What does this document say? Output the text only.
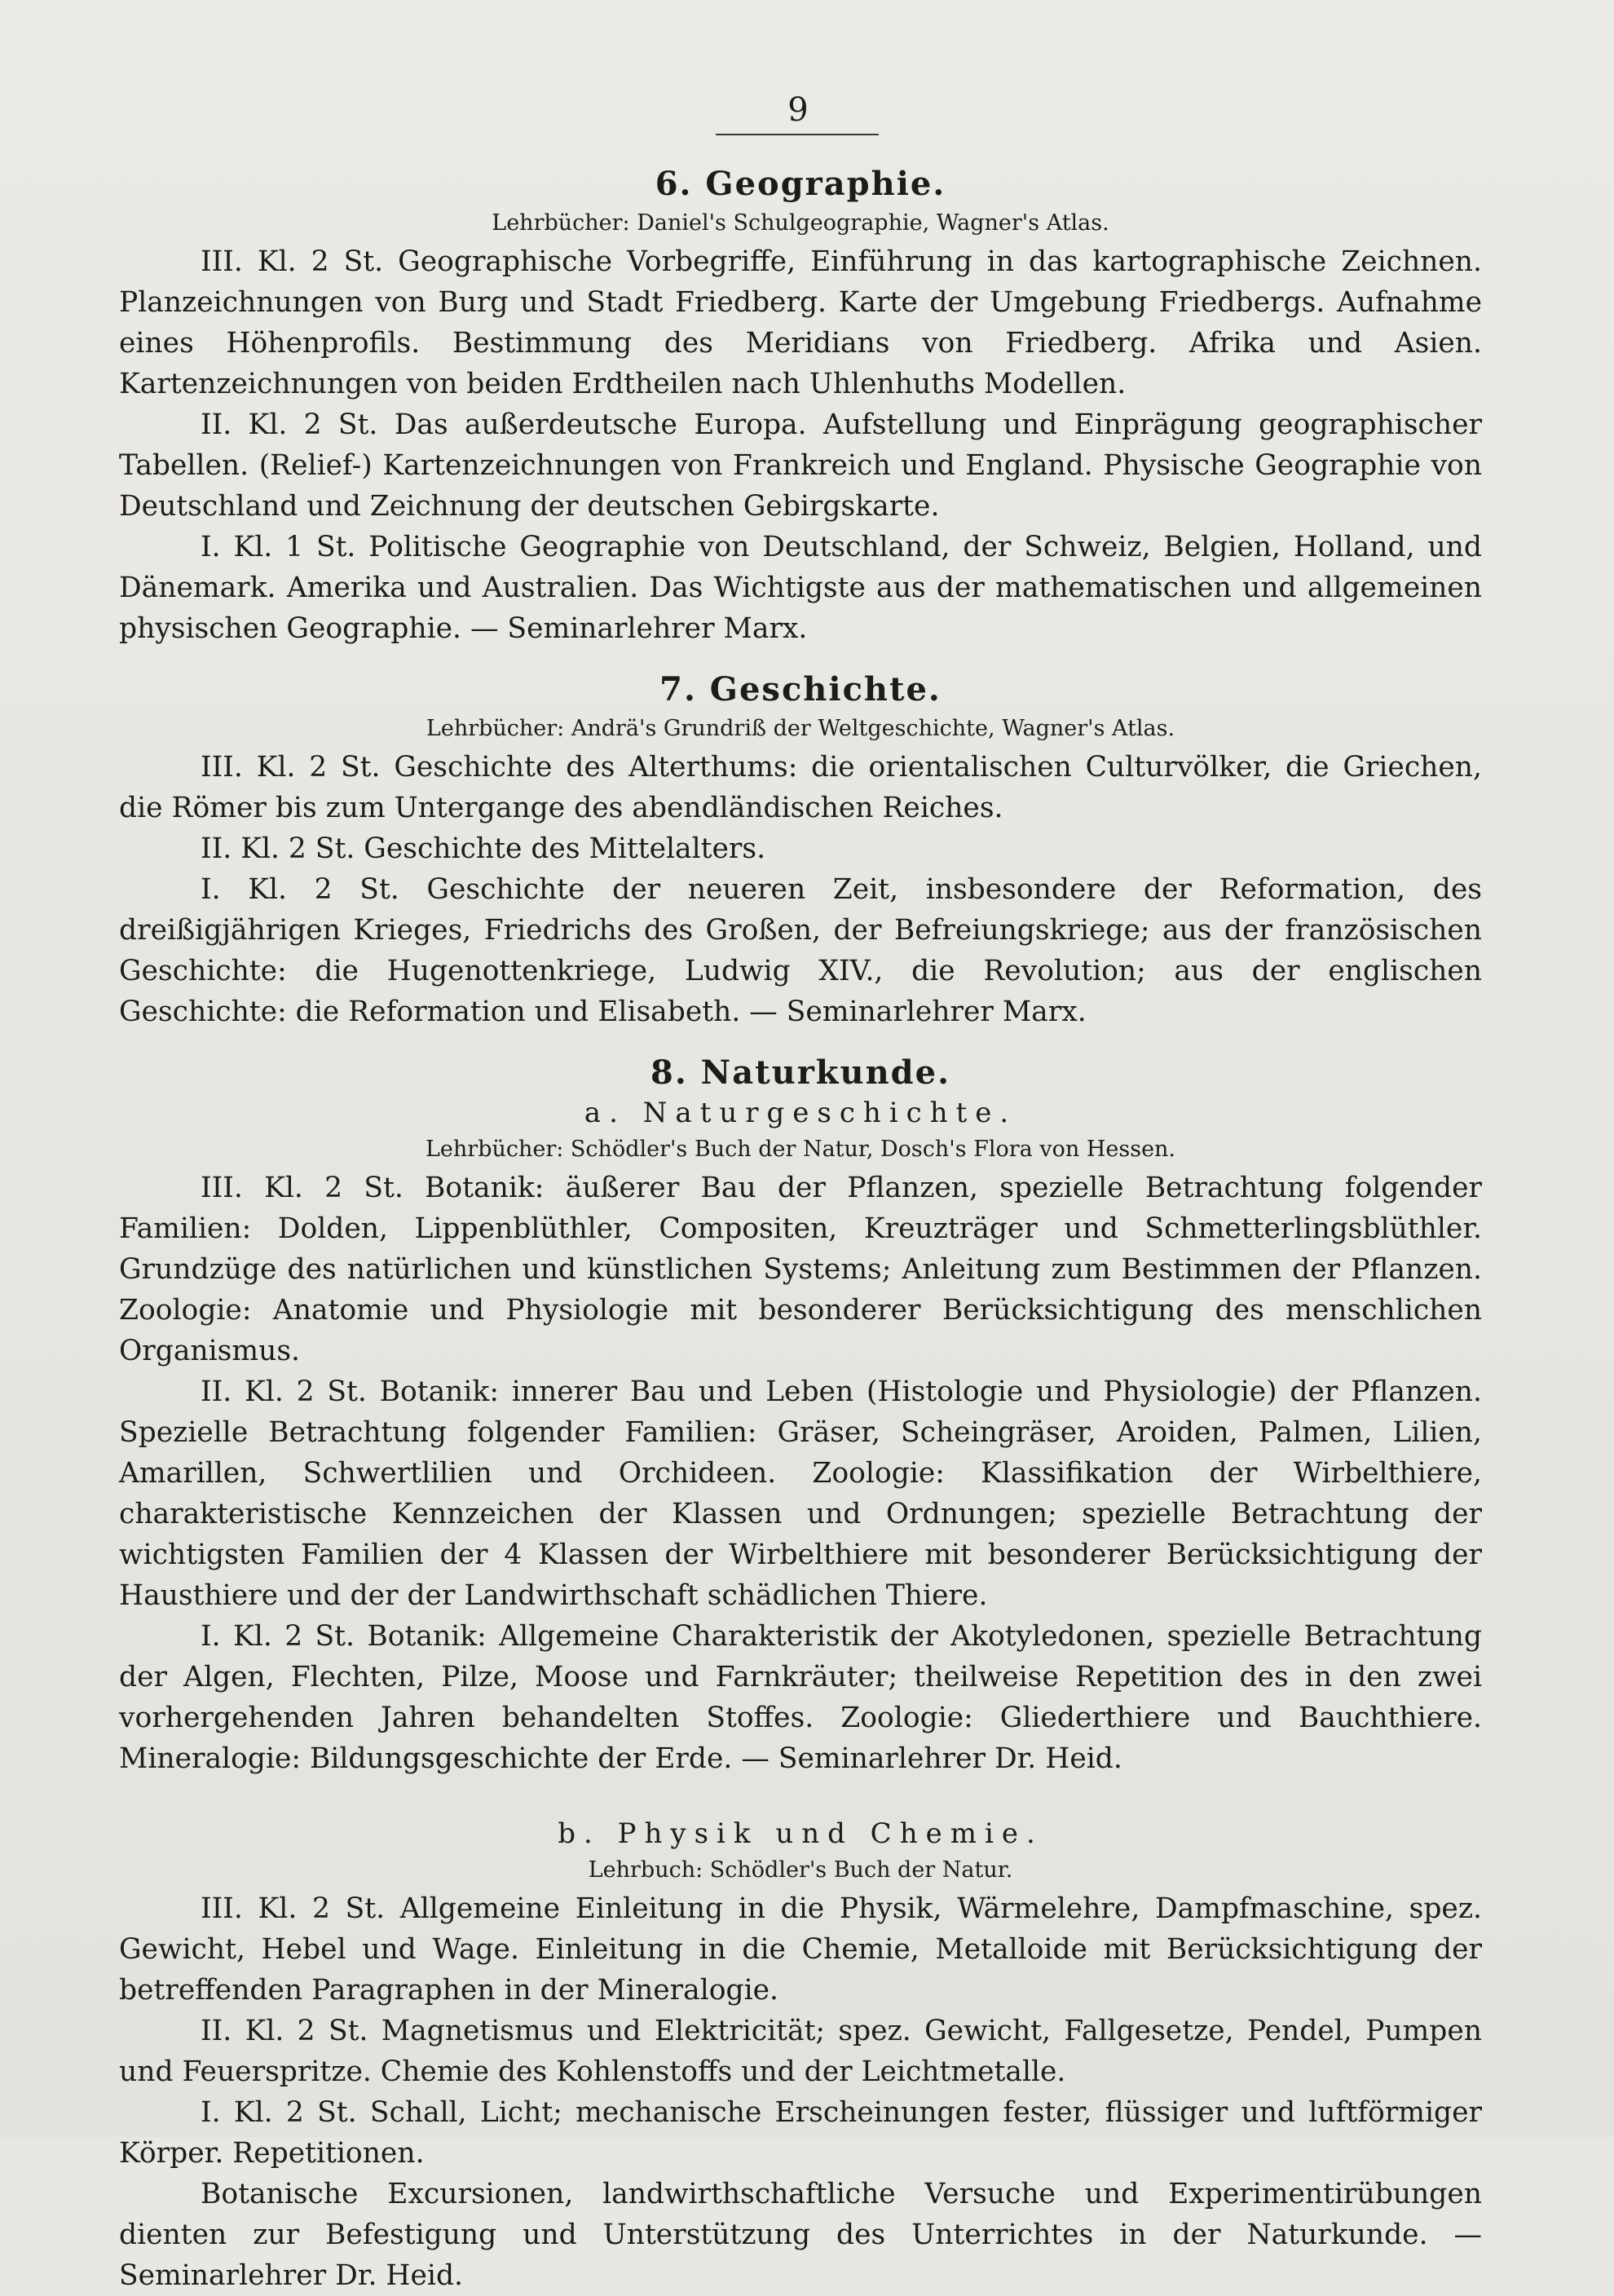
9
6. Geographie.
Lehrbücher: Daniel's Schulgeographie, Wagner's Atlas.

III. Kl. 2 St. Geographische Vorbegriffe, Einführung in das kartographische Zeichnen. Planzeichnungen von Burg und Stadt Friedberg. Karte der Umgebung Friedbergs. Aufnahme eines Höhenprofils. Bestimmung des Meridians von Friedberg. Afrika und Asien. Kartenzeichnungen von beiden Erdtheilen nach Uhlenhuths Modellen.

II. Kl. 2 St. Das außerdeutsche Europa. Aufstellung und Einprägung geographischer Tabellen. (Relief-) Kartenzeichnungen von Frankreich und England. Physische Geographie von Deutschland und Zeichnung der deutschen Gebirgskarte.

I. Kl. 1 St. Politische Geographie von Deutschland, der Schweiz, Belgien, Holland, und Dänemark. Amerika und Australien. Das Wichtigste aus der mathematischen und allgemeinen physischen Geographie. — Seminarlehrer Marx.

7. Geschichte.
Lehrbücher: Andrä's Grundriß der Weltgeschichte, Wagner's Atlas.

III. Kl. 2 St. Geschichte des Alterthums: die orientalischen Culturvölker, die Griechen, die Römer bis zum Untergange des abendländischen Reiches.

II. Kl. 2 St. Geschichte des Mittelalters.

I. Kl. 2 St. Geschichte der neueren Zeit, insbesondere der Reformation, des dreißigjährigen Krieges, Friedrichs des Großen, der Befreiungskriege; aus der französischen Geschichte: die Hugenottenkriege, Ludwig XIV., die Revolution; aus der englischen Geschichte: die Reformation und Elisabeth. — Seminarlehrer Marx.

8. Naturkunde.
a. Naturgeschichte.
Lehrbücher: Schödler's Buch der Natur, Dosch's Flora von Hessen.

III. Kl. 2 St. Botanik: äußerer Bau der Pflanzen, spezielle Betrachtung folgender Familien: Dolden, Lippenblüthler, Compositen, Kreuzträger und Schmetterlingsblüthler. Grundzüge des natürlichen und künstlichen Systems; Anleitung zum Bestimmen der Pflanzen. Zoologie: Anatomie und Physiologie mit besonderer Berücksichtigung des menschlichen Organismus.

II. Kl. 2 St. Botanik: innerer Bau und Leben (Histologie und Physiologie) der Pflanzen. Spezielle Betrachtung folgender Familien: Gräser, Scheingräser, Aroiden, Palmen, Lilien, Amarillen, Schwertlilien und Orchideen. Zoologie: Klassifikation der Wirbelthiere, charakteristische Kennzeichen der Klassen und Ordnungen; spezielle Betrachtung der wichtigsten Familien der 4 Klassen der Wirbelthiere mit besonderer Berücksichtigung der Hausthiere und der der Landwirthschaft schädlichen Thiere.

I. Kl. 2 St. Botanik: Allgemeine Charakteristik der Akotyledonen, spezielle Betrachtung der Algen, Flechten, Pilze, Moose und Farnkräuter; theilweise Repetition des in den zwei vorhergehenden Jahren behandelten Stoffes. Zoologie: Gliederthiere und Bauchthiere. Mineralogie: Bildungsgeschichte der Erde. — Seminarlehrer Dr. Heid.

b. Physik und Chemie.
Lehrbuch: Schödler's Buch der Natur.

III. Kl. 2 St. Allgemeine Einleitung in die Physik, Wärmelehre, Dampfmaschine, spez. Gewicht, Hebel und Wage. Einleitung in die Chemie, Metalloide mit Berücksichtigung der betreffenden Paragraphen in der Mineralogie.

II. Kl. 2 St. Magnetismus und Elektricität; spez. Gewicht, Fallgesetze, Pendel, Pumpen und Feuerspritze. Chemie des Kohlenstoffs und der Leichtmetalle.

I. Kl. 2 St. Schall, Licht; mechanische Erscheinungen fester, flüssiger und luftförmiger Körper. Repetitionen.

Botanische Excursionen, landwirthschaftliche Versuche und Experimentirübungen dienten zur Befestigung und Unterstützung des Unterrichtes in der Naturkunde. — Seminarlehrer Dr. Heid.
